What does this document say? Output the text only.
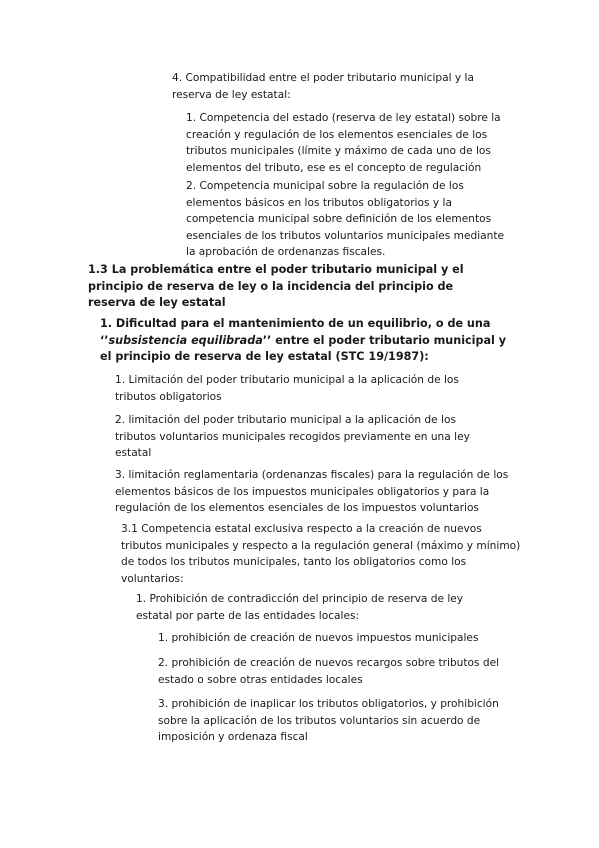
4. Compatibilidad entre el poder tributario municipal y la reserva de ley estatal:

1. Competencia del estado (reserva de ley estatal) sobre la creación y regulación de los elementos esenciales de los tributos municipales (límite y máximo de cada uno de los elementos del tributo, ese es el concepto de regulación

2. Competencia municipal sobre la regulación de los elementos básicos en los tributos obligatorios y la competencia municipal sobre definición de los elementos esenciales de los tributos voluntarios municipales mediante la aprobación de ordenanzas fiscales.

1.3 La problemática entre el poder tributario municipal y el principio de reserva de ley o la incidencia del principio de reserva de ley estatal

1. Dificultad para el mantenimiento de un equilibrio, o de una ‘’subsistencia equilibrada’’ entre el poder tributario municipal y el principio de reserva de ley estatal (STC 19/1987):

1. Limitación del poder tributario municipal a la aplicación de los tributos obligatorios

2. limitación del poder tributario municipal a la aplicación de los tributos voluntarios municipales recogidos previamente en una ley estatal

3. limitación reglamentaria (ordenanzas fiscales) para la regulación de los elementos básicos de los impuestos municipales obligatorios y para la regulación de los elementos esenciales de los impuestos voluntarios

3.1 Competencia estatal exclusiva respecto a la creación de nuevos tributos municipales y respecto a la regulación general (máximo y mínimo) de todos los tributos municipales, tanto los obligatorios como los voluntarios:

1. Prohibición de contradicción del principio de reserva de ley estatal por parte de las entidades locales:

1. prohibición de creación de nuevos impuestos municipales

2. prohibición de creación de nuevos recargos sobre tributos del estado o sobre otras entidades locales

3. prohibición de inaplicar los tributos obligatorios, y prohibición sobre la aplicación de los tributos voluntarios sin acuerdo de imposición y ordenaza fiscal
